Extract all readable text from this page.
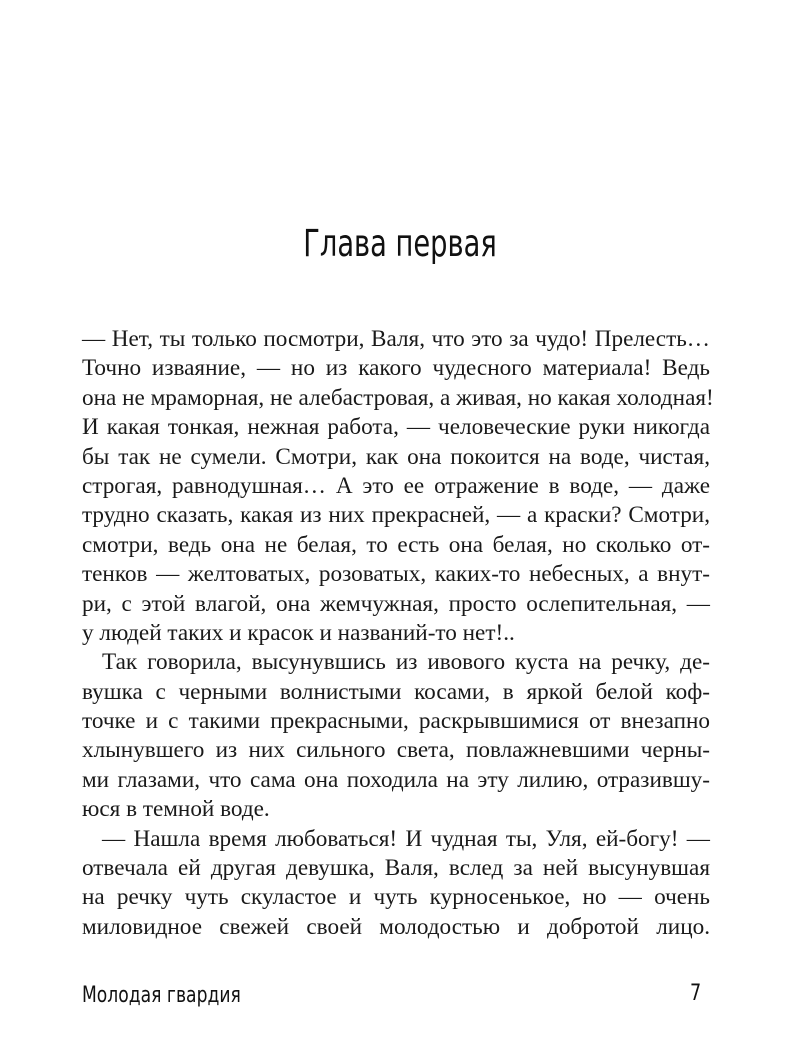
Глава первая
— Нет, ты только посмотри, Валя, что это за чудо! Прелесть…
Точно изваяние, — но из какого чудесного материала! Ведь
она не мраморная, не алебастровая, а живая, но какая холодная!
И какая тонкая, нежная работа, — человеческие руки никогда
бы так не сумели. Смотри, как она покоится на воде, чистая,
строгая, равнодушная… А это ее отражение в воде, — даже
трудно сказать, какая из них прекрасней, — а краски? Смотри,
смотри, ведь она не белая, то есть она белая, но сколько от-
тенков — желтоватых, розоватых, каких-то небесных, а внут-
ри, с этой влагой, она жемчужная, просто ослепительная, —
у людей таких и красок и названий-то нет!..
Так говорила, высунувшись из ивового куста на речку, де-
вушка с черными волнистыми косами, в яркой белой коф-
точке и с такими прекрасными, раскрывшимися от внезапно
хлынувшего из них сильного света, повлажневшими черны-
ми глазами, что сама она походила на эту лилию, отразившу-
юся в темной воде.
— Нашла время любоваться! И чудная ты, Уля, ей-богу! —
отвечала ей другая девушка, Валя, вслед за ней высунувшая
на речку чуть скуластое и чуть курносенькое, но — очень
миловидное свежей своей молодостью и добротой лицо.
Молодая гвардия	7
